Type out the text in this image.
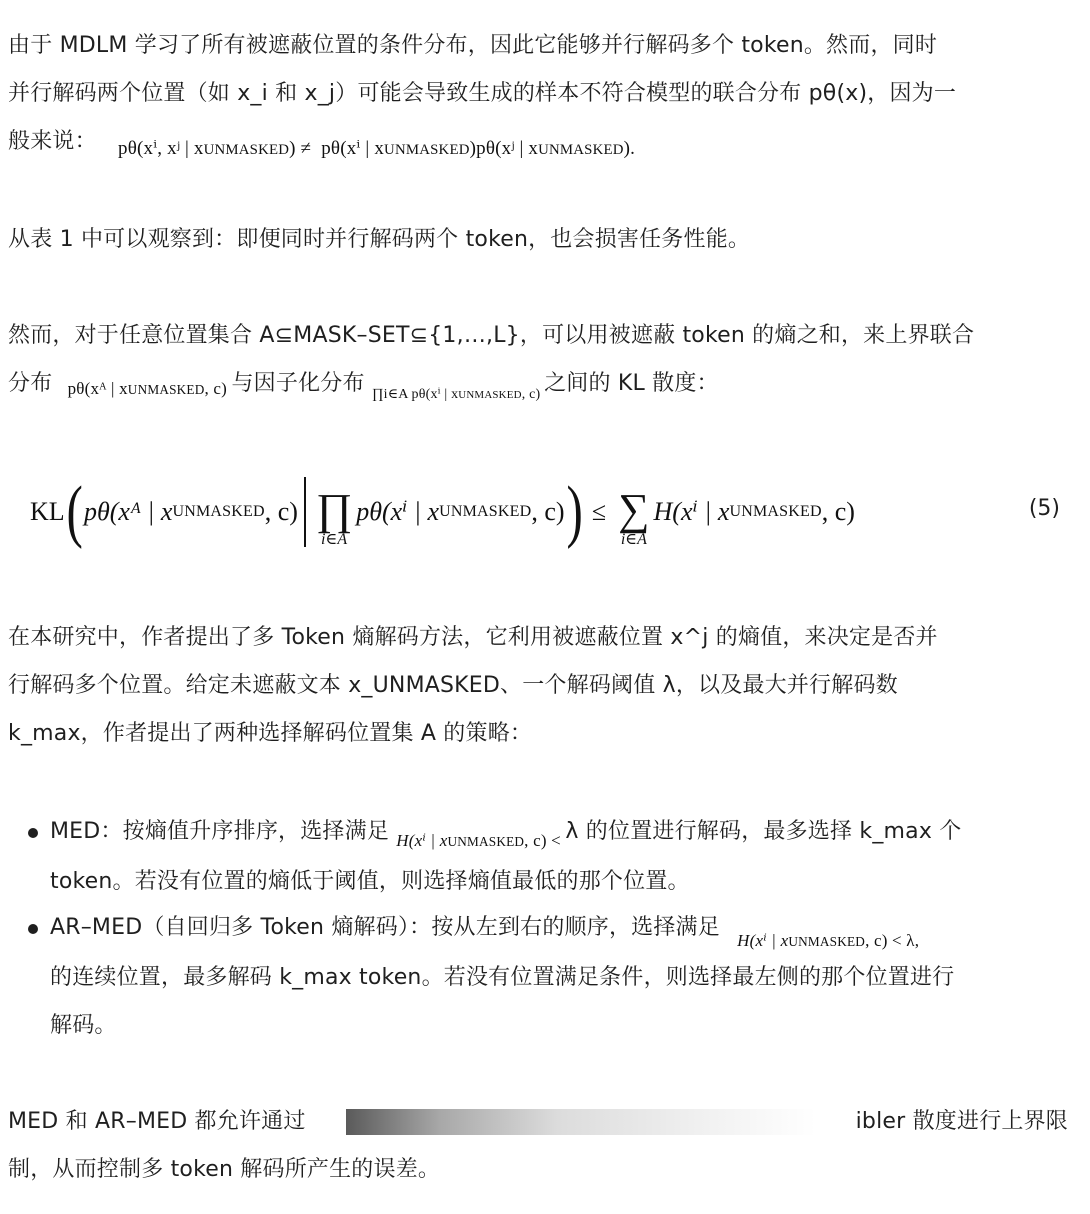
由于 MDLM 学习了所有被遮蔽位置的条件分布，因此它能够并行解码多个 token。然而，同时
并行解码两个位置（如 x_i 和 x_j）可能会导致生成的样本不符合模型的联合分布 pθ(x)，因为一
般来说： pθ(xⁱ, xʲ | xUNMASKED) ≠ pθ(xⁱ | xUNMASKED)pθ(xʲ | xUNMASKED).
从表 1 中可以观察到：即便同时并行解码两个 token，也会损害任务性能。
然而，对于任意位置集合 A⊆MASK–SET⊆{1,…,L}，可以用被遮蔽 token 的熵之和，来上界联合
分布 pθ(xᴬ | xUNMASKED, c) 与因子化分布 $_{\prod i\in A p\theta(x^i | xUNMASKED, c)}$ 之间的 KL 散度：
KL ( pθ(xᴬ | x UNMASKED , c) ∏
i∈A
pθ(xⁱ | x UNMASKED , c) ) ≤ ∑
i∈A
H(xⁱ | x UNMASKED , c)	(5)
在本研究中，作者提出了多 Token 熵解码方法，它利用被遮蔽位置 x^j 的熵值，来决定是否并
行解码多个位置。给定未遮蔽文本 x_UNMASKED、一个解码阈值 λ，以及最大并行解码数
k_max，作者提出了两种选择解码位置集 A 的策略：
MED：按熵值升序排序，选择满足 $_{H(x^i | xUNMASKED, c) <}$ λ 的位置进行解码，最多选择 k_max 个
token。若没有位置的熵低于阈值，则选择熵值最低的那个位置。
AR–MED（自回归多 Token 熵解码）：按从左到右的顺序，选择满足 $_{H(x^i | xUNMASKED, c) < \lambda,}$
的连续位置，最多解码 k_max token。若没有位置满足条件，则选择最左侧的那个位置进行
解码。
MED 和 AR–MED 都允许通过	ibler 散度进行上界限
制，从而控制多 token 解码所产生的误差。
